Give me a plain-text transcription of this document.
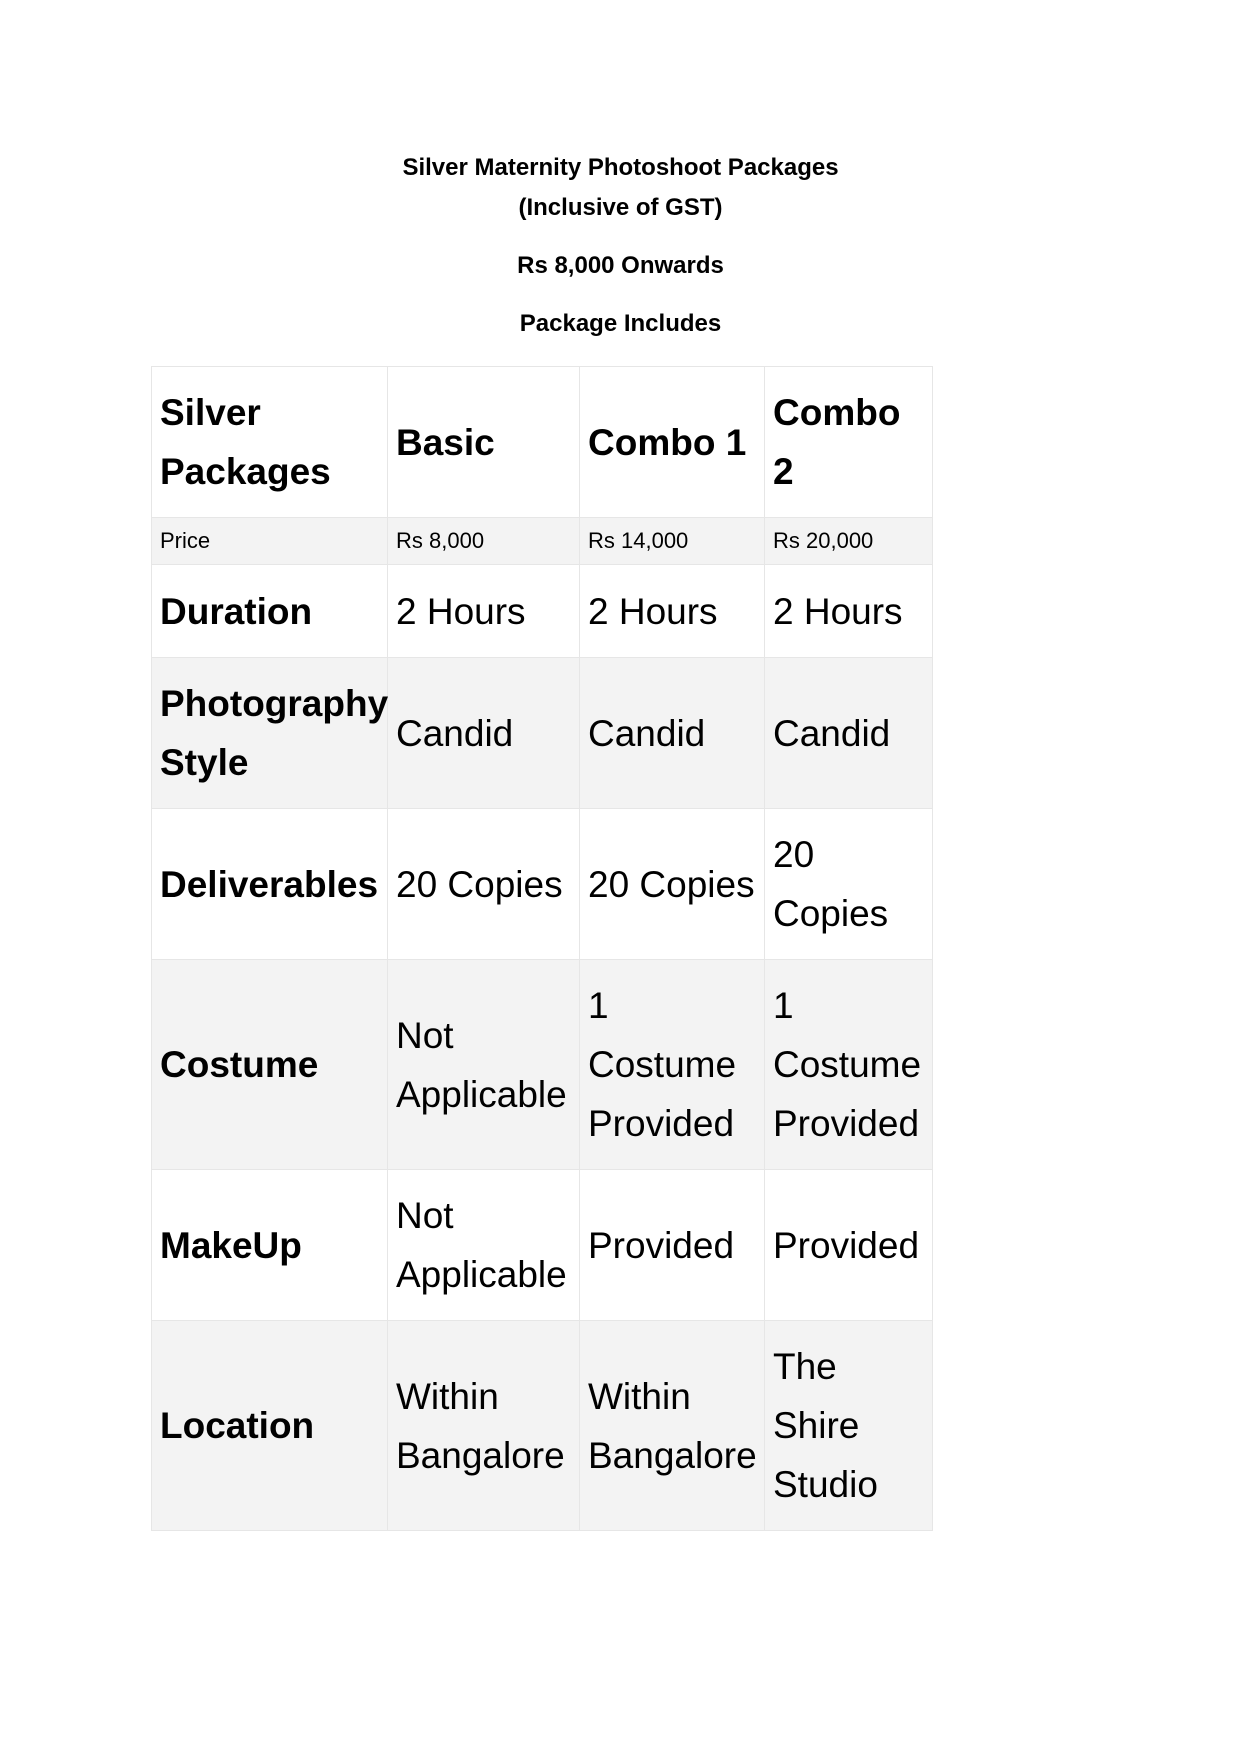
Silver Maternity Photoshoot Packages
(Inclusive of GST)
Rs 8,000 Onwards
Package Includes
Silver Packages	Basic	Combo 1	Combo 2
Price	Rs 8,000	Rs 14,000	Rs 20,000
Duration	2 Hours	2 Hours	2 Hours
Photography Style	Candid	Candid	Candid
Deliverables	20 Copies	20 Copies	20 Copies
Costume	Not Applicable	1 Costume Provided	1 Costume Provided
MakeUp	Not Applicable	Provided	Provided
Location	Within Bangalore	Within Bangalore	The Shire Studio
